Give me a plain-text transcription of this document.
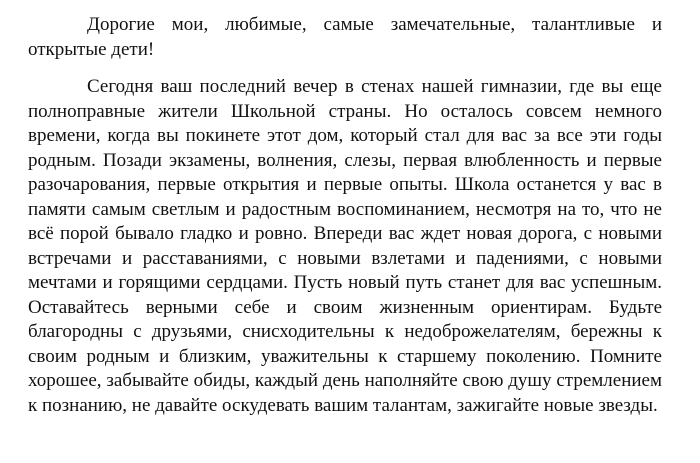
Дорогие мои, любимые, самые замечательные, талантливые и открытые дети!

Сегодня ваш последний вечер в стенах нашей гимназии, где вы еще полноправные жители Школьной страны. Но осталось совсем немного времени, когда вы покинете этот дом, который стал для вас за все эти годы родным. Позади экзамены, волнения, слезы, первая влюбленность и первые разочарования, первые открытия и первые опыты. Школа останется у вас в памяти самым светлым и радостным воспоминанием, несмотря на то, что не всё порой бывало гладко и ровно. Впереди вас ждет новая дорога, с новыми встречами и расставаниями, с новыми взлетами и падениями, с новыми мечтами и горящими сердцами. Пусть новый путь станет для вас успешным. Оставайтесь верными себе и своим жизненным ориентирам. Будьте благородны с друзьями, снисходительны к недоброжелателям, бережны к своим родным и близким, уважительны к старшему поколению. Помните хорошее, забывайте обиды, каждый день наполняйте свою душу стремлением к познанию, не давайте оскудевать вашим талантам, зажигайте новые звезды.
